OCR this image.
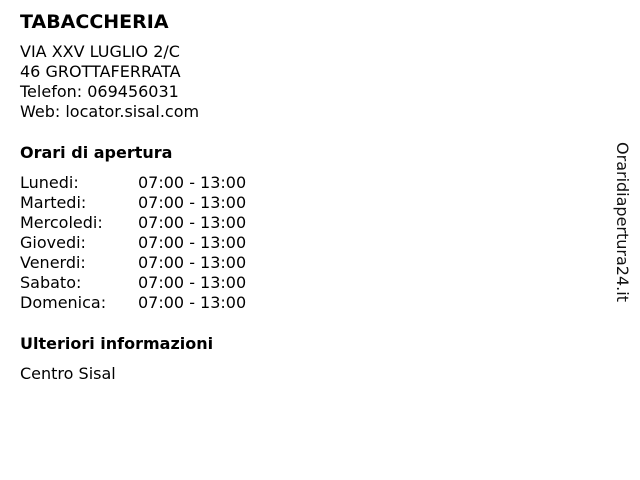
TABACCHERIA
VIA XXV LUGLIO 2/C
46 GROTTAFERRATA
Telefon: 069456031
Web: locator.sisal.com
Orari di apertura
Lunedi:	07:00 - 13:00
Martedi:	07:00 - 13:00
Mercoledi: 07:00 - 13:00
Giovedi:	07:00 - 13:00
Venerdi:	07:00 - 13:00
Sabato:	07:00 - 13:00
Domenica: 07:00 - 13:00
Ulteriori informazioni
Centro Sisal
Oraridiapertura24.it
